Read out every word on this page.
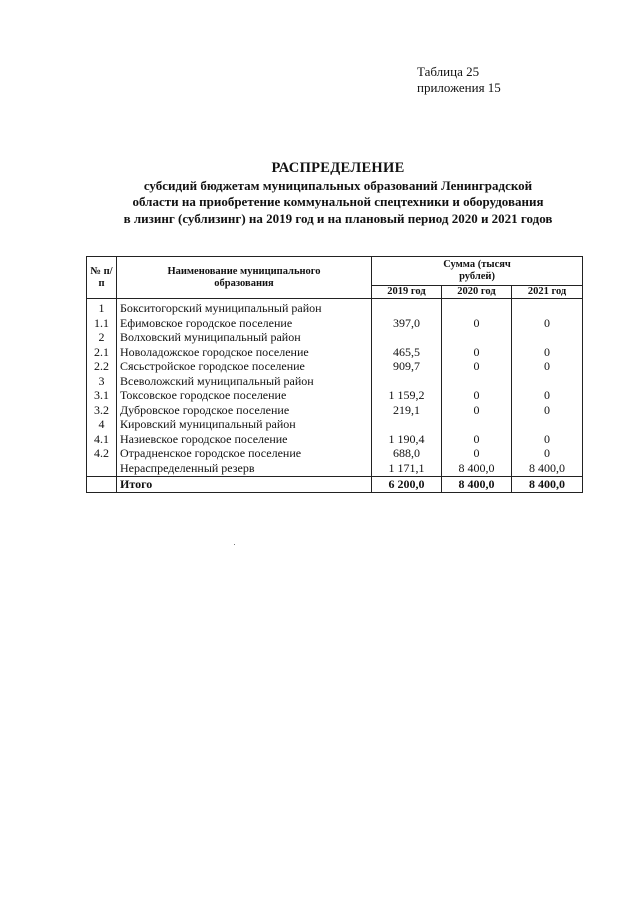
Таблица 25
приложения 15
РАСПРЕДЕЛЕНИЕ
субсидий бюджетам муниципальных образований Ленинградской
области на приобретение коммунальной спецтехники и оборудования
в лизинг (сублизинг) на 2019 год и на плановый период 2020 и 2021 годов
№ п/п	Наименование муниципального образования	Сумма (тысяч рублей)		
		2019 год	2020 год	2021 год
1	Бокситогорский муниципальный район			
1.1	Ефимовское городское поселение	397,0	0	0
2	Волховский муниципальный район			
2.1	Новоладожское городское поселение	465,5	0	0
2.2	Сясьстройское городское поселение	909,7	0	0
3	Всеволожский муниципальный район			
3.1	Токсовское городское поселение	1 159,2	0	0
3.2	Дубровское городское поселение	219,1	0	0
4	Кировский муниципальный район			
4.1	Назиевское городское поселение	1 190,4	0	0
4.2	Отрадненское городское поселение	688,0	0	0
	Нераспределенный резерв	1 171,1	8 400,0	8 400,0
	Итого	6 200,0	8 400,0	8 400,0
